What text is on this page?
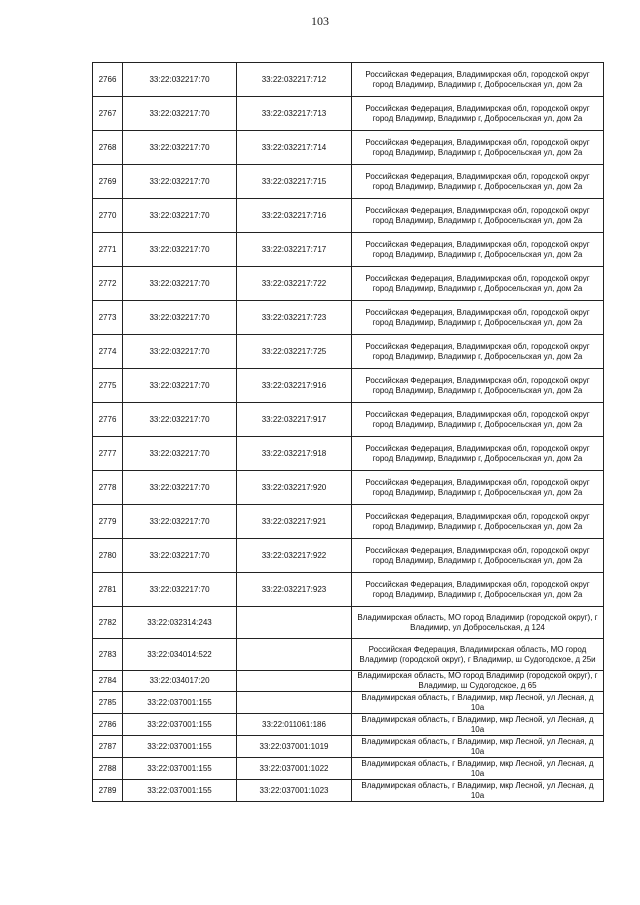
103
2766	33:22:032217:70	33:22:032217:712	Российская Федерация, Владимирская обл, городской округ город Владимир, Владимир г, Добросельская ул, дом 2а
2767	33:22:032217:70	33:22:032217:713	Российская Федерация, Владимирская обл, городской округ город Владимир, Владимир г, Добросельская ул, дом 2а
2768	33:22:032217:70	33:22:032217:714	Российская Федерация, Владимирская обл, городской округ город Владимир, Владимир г, Добросельская ул, дом 2а
2769	33:22:032217:70	33:22:032217:715	Российская Федерация, Владимирская обл, городской округ город Владимир, Владимир г, Добросельская ул, дом 2а
2770	33:22:032217:70	33:22:032217:716	Российская Федерация, Владимирская обл, городской округ город Владимир, Владимир г, Добросельская ул, дом 2а
2771	33:22:032217:70	33:22:032217:717	Российская Федерация, Владимирская обл, городской округ город Владимир, Владимир г, Добросельская ул, дом 2а
2772	33:22:032217:70	33:22:032217:722	Российская Федерация, Владимирская обл, городской округ город Владимир, Владимир г, Добросельская ул, дом 2а
2773	33:22:032217:70	33:22:032217:723	Российская Федерация, Владимирская обл, городской округ город Владимир, Владимир г, Добросельская ул, дом 2а
2774	33:22:032217:70	33:22:032217:725	Российская Федерация, Владимирская обл, городской округ город Владимир, Владимир г, Добросельская ул, дом 2а
2775	33:22:032217:70	33:22:032217:916	Российская Федерация, Владимирская обл, городской округ город Владимир, Владимир г, Добросельская ул, дом 2а
2776	33:22:032217:70	33:22:032217:917	Российская Федерация, Владимирская обл, городской округ город Владимир, Владимир г, Добросельская ул, дом 2а
2777	33:22:032217:70	33:22:032217:918	Российская Федерация, Владимирская обл, городской округ город Владимир, Владимир г, Добросельская ул, дом 2а
2778	33:22:032217:70	33:22:032217:920	Российская Федерация, Владимирская обл, городской округ город Владимир, Владимир г, Добросельская ул, дом 2а
2779	33:22:032217:70	33:22:032217:921	Российская Федерация, Владимирская обл, городской округ город Владимир, Владимир г, Добросельская ул, дом 2а
2780	33:22:032217:70	33:22:032217:922	Российская Федерация, Владимирская обл, городской округ город Владимир, Владимир г, Добросельская ул, дом 2а
2781	33:22:032217:70	33:22:032217:923	Российская Федерация, Владимирская обл, городской округ город Владимир, Владимир г, Добросельская ул, дом 2а
2782	33:22:032314:243		Владимирская область, МО город Владимир (городской округ), г Владимир, ул Добросельская, д 124
2783	33:22:034014:522		Российская Федерация, Владимирская область, МО город Владимир (городской округ), г Владимир, ш Судогодское, д 25и
2784	33:22:034017:20		Владимирская область, МО город Владимир (городской округ), г Владимир, ш Судогодское, д 65
2785	33:22:037001:155		Владимирская область, г Владимир, мкр Лесной, ул Лесная, д 10а
2786	33:22:037001:155	33:22:011061:186	Владимирская область, г Владимир, мкр Лесной, ул Лесная, д 10а
2787	33:22:037001:155	33:22:037001:1019	Владимирская область, г Владимир, мкр Лесной, ул Лесная, д 10а
2788	33:22:037001:155	33:22:037001:1022	Владимирская область, г Владимир, мкр Лесной, ул Лесная, д 10а
2789	33:22:037001:155	33:22:037001:1023	Владимирская область, г Владимир, мкр Лесной, ул Лесная, д 10а
